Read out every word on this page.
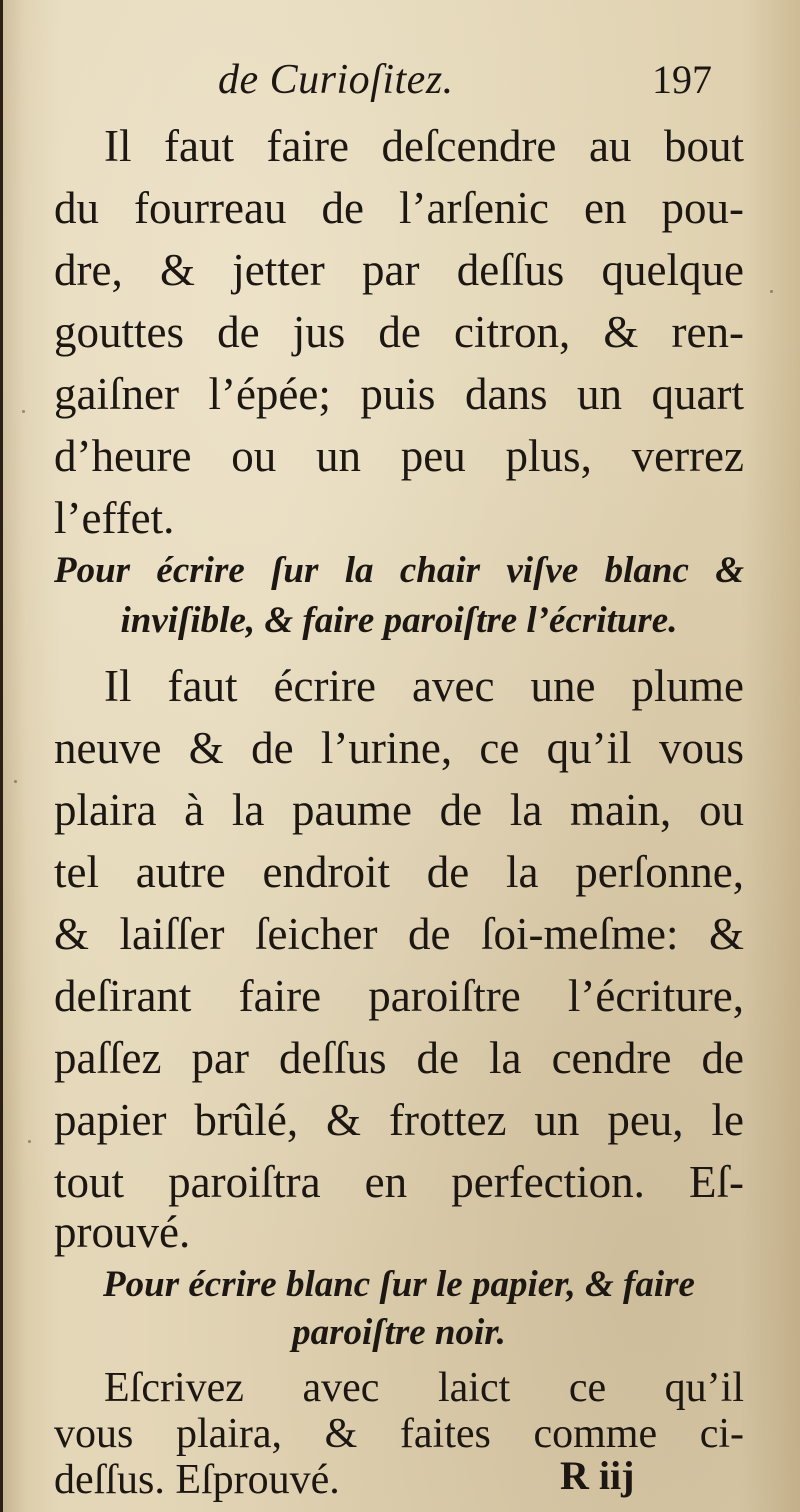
de Curioſitez.	197
Il faut faire deſcendre au bout
du fourreau de l’arſenic en pou-
dre, & jetter par deſſus quelque
gouttes de jus de citron, & ren-
gaiſner l’épée; puis dans un quart
d’heure ou un peu plus, verrez
l’effet.
Pour écrire ſur la chair viſve blanc &
inviſible, & faire paroiſtre l’écriture.
Il faut écrire avec une plume
neuve & de l’urine, ce qu’il vous
plaira à la paume de la main, ou
tel autre endroit de la perſonne,
& laiſſer ſeicher de ſoi-meſme: &
deſirant faire paroiſtre l’écriture,
paſſez par deſſus de la cendre de
papier brûlé, & frottez un peu, le
tout paroiſtra en perfection. Eſ-
prouvé.
Pour écrire blanc ſur le papier, & faire
paroiſtre noir.
Eſcrivez avec laict ce qu’il
R iij
vous plaira, & faites comme ci-
deſſus. Eſprouvé.
